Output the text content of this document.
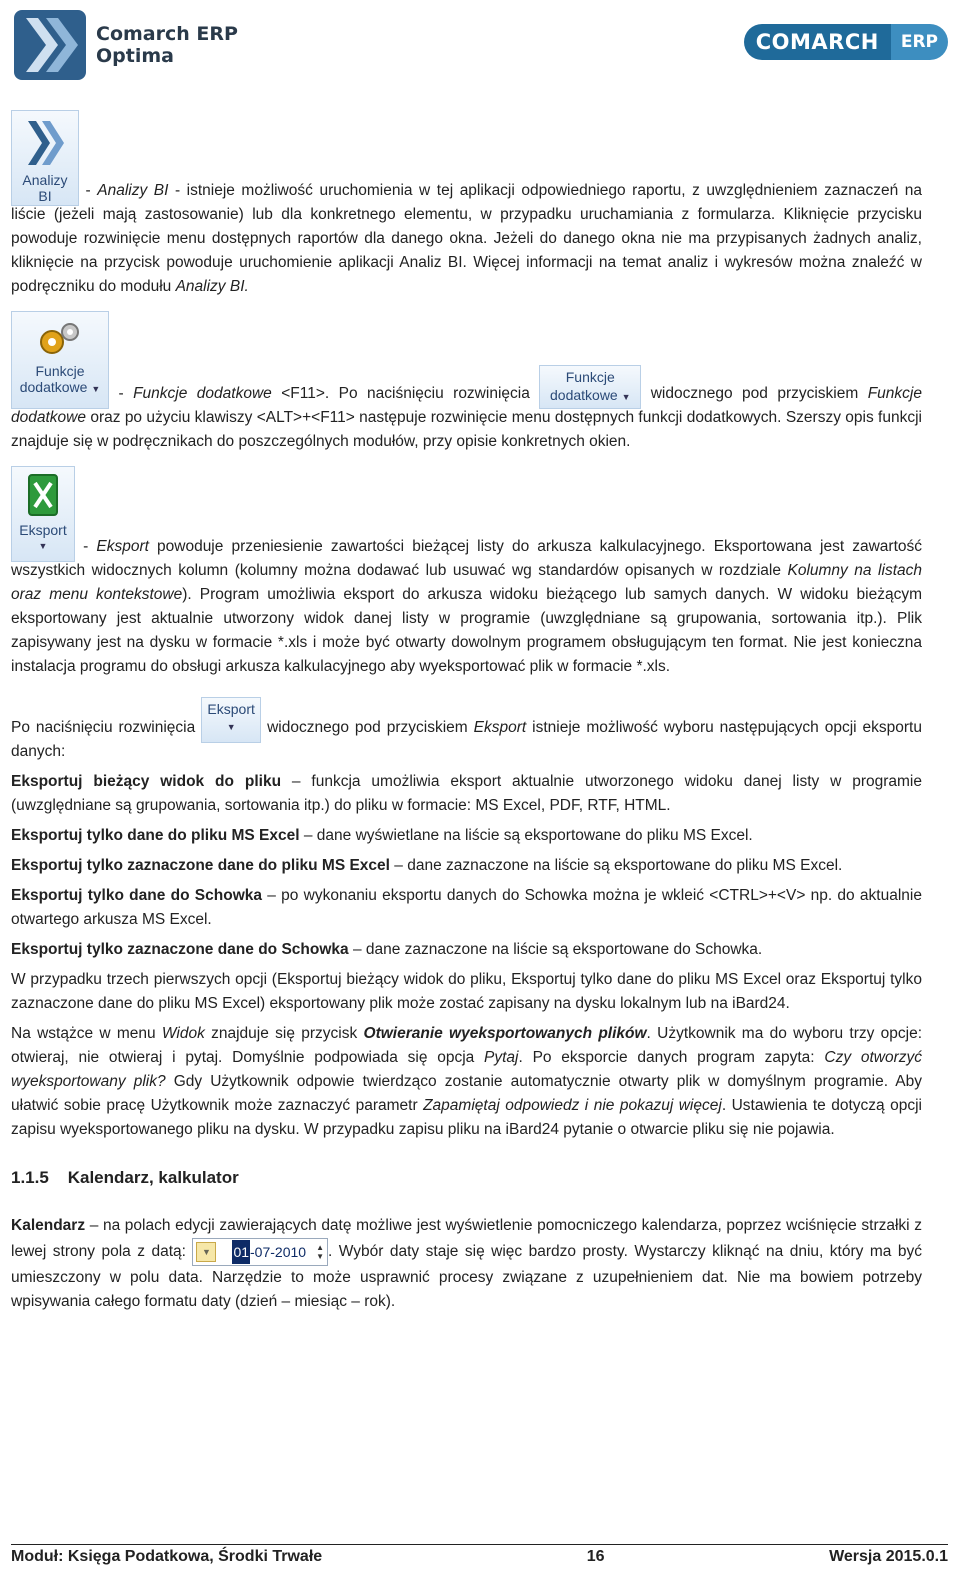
Comarch ERP
Optima
COMARCH	ERP

Analizy BI	- Analizy BI - istnieje możliwość uruchomienia w tej aplikacji odpowiedniego raportu, z uwzględnieniem zaznaczeń na liście (jeżeli mają zastosowanie) lub dla konkretnego elementu, w przypadku uruchamiania z formularza. Kliknięcie przycisku powoduje rozwinięcie menu dostępnych raportów dla danego okna. Jeżeli do danego okna nie ma przypisanych żadnych analiz, kliknięcie na przycisk powoduje uruchomienie aplikacji Analiz BI. Więcej informacji na temat analiz i wykresów można znaleźć w podręczniku do modułu Analizy BI.

Funkcje
dodatkowe ▼ - Funkcje dodatkowe <F11>. Po naciśnięciu rozwinięcia
Funkcje
dodatkowe ▼ widocznego pod przyciskiem Funkcje dodatkowe oraz po użyciu klawiszy <ALT>+<F11> następuje rozwinięcie menu dostępnych funkcji dodatkowych. Szerszy opis funkcji znajduje się w podręcznikach do poszczególnych modułów, przy opisie konkretnych okien.

Eksport
▼	- Eksport powoduje przeniesienie zawartości bieżącej listy do arkusza kalkulacyjnego. Eksportowana jest zawartość wszystkich widocznych kolumn (kolumny można dodawać lub usuwać wg standardów opisanych w rozdziale Kolumny na listach oraz menu kontekstowe). Program umożliwia eksport do arkusza widoku bieżącego lub samych danych. W widoku bieżącym eksportowany jest aktualnie utworzony widok danej listy w programie (uwzględniane są grupowania, sortowania itp.). Plik zapisywany jest na dysku w formacie *.xls i może być otwarty dowolnym programem obsługującym ten format. Nie jest konieczna instalacja programu do obsługi arkusza kalkulacyjnego aby wyeksportować plik w formacie *.xls.

Po naciśnięciu rozwinięcia
Eksport
▼	widocznego pod przyciskiem Eksport istnieje możliwość wyboru następujących opcji eksportu danych:

Eksportuj bieżący widok do pliku – funkcja umożliwia eksport aktualnie utworzonego widoku danej listy w programie (uwzględniane są grupowania, sortowania itp.) do pliku w formacie: MS Excel, PDF, RTF, HTML.

Eksportuj tylko dane do pliku MS Excel – dane wyświetlane na liście są eksportowane do pliku MS Excel.

Eksportuj tylko zaznaczone dane do pliku MS Excel – dane zaznaczone na liście są eksportowane do pliku MS Excel.

Eksportuj tylko dane do Schowka – po wykonaniu eksportu danych do Schowka można je wkleić <CTRL>+<V> np. do aktualnie otwartego arkusza MS Excel.

Eksportuj tylko zaznaczone dane do Schowka – dane zaznaczone na liście są eksportowane do Schowka.

W przypadku trzech pierwszych opcji (Eksportuj bieżący widok do pliku, Eksportuj tylko dane do pliku MS Excel oraz Eksportuj tylko zaznaczone dane do pliku MS Excel) eksportowany plik może zostać zapisany na dysku lokalnym lub na iBard24.

Na wstążce w menu Widok znajduje się przycisk Otwieranie wyeksportowanych plików. Użytkownik ma do wyboru trzy opcje: otwieraj, nie otwieraj i pytaj. Domyślnie podpowiada się opcja Pytaj. Po eksporcie danych program zapyta: Czy otworzyć wyeksportowany plik? Gdy Użytkownik odpowie twierdząco zostanie automatycznie otwarty plik w domyślnym programie. Aby ułatwić sobie pracę Użytkownik może zaznaczyć parametr Zapamiętaj odpowiedz i nie pokazuj więcej. Ustawienia te dotyczą opcji zapisu wyeksportowanego pliku na dysku. W przypadku zapisu pliku na iBard24 pytanie o otwarcie pliku się nie pojawia.

1.1.5 Kalendarz, kalkulator

Kalendarz – na polach edycji zawierających datę możliwe jest wyświetlenie pomocniczego kalendarza, poprzez wciśnięcie strzałki z lewej strony pola z datą:	▼	01 -07-2010 ▲
▼ . Wybór daty staje się więc bardzo prosty. Wystarczy kliknąć na dniu, który ma być umieszczony w polu data. Narzędzie to może usprawnić procesy związane z uzupełnieniem dat. Nie ma bowiem potrzeby wpisywania całego formatu daty (dzień – miesiąc – rok).

Moduł: Księga Podatkowa, Środki Trwałe	16	Wersja 2015.0.1
